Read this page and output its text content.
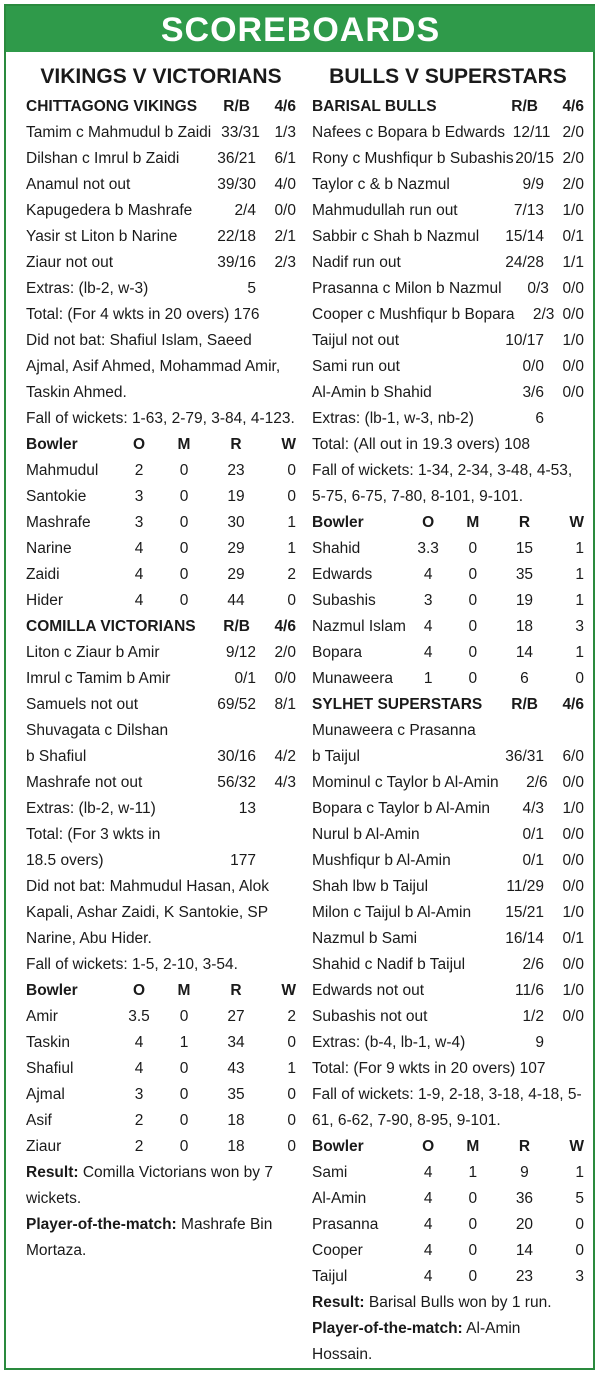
SCOREBOARDS
VIKINGS V VICTORIANS
CHITTAGONG VIKINGS	R/B	4/6
Tamim c Mahmudul b Zaidi 33/31 1/3
Dilshan c Imrul b Zaidi	36/21	6/1
Anamul not out	39/30	4/0
Kapugedera b Mashrafe	2/4	0/0
Yasir st Liton b Narine	22/18	2/1
Ziaur not out	39/16	2/3
Extras: (lb-2, w-3)	5
Total: (For 4 wkts in 20 overs) 176
Did not bat: Shafiul Islam, Saeed Ajmal, Asif Ahmed, Mohammad Amir, Taskin Ahmed.
Fall of wickets: 1-63, 2-79, 3-84, 4-123.
Bowler	O	M	R	W
Mahmudul	2	0	23	0
Santokie	3	0	19	0
Mashrafe	3	0	30	1
Narine	4	0	29	1
Zaidi	4	0	29	2
Hider	4	0	44	0
COMILLA VICTORIANS	R/B	4/6
Liton c Ziaur b Amir	9/12	2/0
Imrul c Tamim b Amir	0/1	0/0
Samuels not out	69/52	8/1
Shuvagata c Dilshan
b Shafiul	30/16	4/2
Mashrafe not out	56/32	4/3
Extras: (lb-2, w-11)	13
Total: (For 3 wkts in
18.5 overs)	177
Did not bat: Mahmudul Hasan, Alok Kapali, Ashar Zaidi, K Santokie, SP Narine, Abu Hider.
Fall of wickets: 1-5, 2-10, 3-54.
Bowler	O	M	R	W
Amir	3.5	0	27	2
Taskin	4	1	34	0
Shafiul	4	0	43	1
Ajmal	3	0	35	0
Asif	2	0	18	0
Ziaur	2	0	18	0
Result: Comilla Victorians won by 7 wickets.
Player-of-the-match: Mashrafe Bin Mortaza.
BULLS V SUPERSTARS
BARISAL BULLS	R/B	4/6
Nafees c Bopara b Edwards 12/11 2/0
Rony c Mushfiqur b Subashis 20/15 2/0
Taylor c & b Nazmul	9/9	2/0
Mahmudullah run out	7/13	1/0
Sabbir c Shah b Nazmul	15/14	0/1
Nadif run out	24/28	1/1
Prasanna c Milon b Nazmul	0/3 0/0
Cooper c Mushfiqur b Bopara	2/3 0/0
Taijul not out	10/17	1/0
Sami run out	0/0	0/0
Al-Amin b Shahid	3/6	0/0
Extras: (lb-1, w-3, nb-2)	6
Total: (All out in 19.3 overs) 108
Fall of wickets: 1-34, 2-34, 3-48, 4-53, 5-75, 6-75, 7-80, 8-101, 9-101.
Bowler	O	M	R	W
Shahid	3.3	0	15	1
Edwards	4	0	35	1
Subashis	3	0	19	1
Nazmul Islam	4	0	18	3
Bopara	4	0	14	1
Munaweera	1	0	6	0
SYLHET SUPERSTARS	R/B	4/6
Munaweera c Prasanna
b Taijul	36/31	6/0
Mominul c Taylor b Al-Amin	2/6 0/0
Bopara c Taylor b Al-Amin	4/3	1/0
Nurul b Al-Amin	0/1	0/0
Mushfiqur b Al-Amin	0/1	0/0
Shah lbw b Taijul	11/29	0/0
Milon c Taijul b Al-Amin	15/21	1/0
Nazmul b Sami	16/14	0/1
Shahid c Nadif b Taijul	2/6	0/0
Edwards not out	11/6	1/0
Subashis not out	1/2	0/0
Extras: (b-4, lb-1, w-4)	9
Total: (For 9 wkts in 20 overs) 107
Fall of wickets: 1-9, 2-18, 3-18, 4-18, 5-61, 6-62, 7-90, 8-95, 9-101.
Bowler	O	M	R	W
Sami	4	1	9	1
Al-Amin	4	0	36	5
Prasanna	4	0	20	0
Cooper	4	0	14	0
Taijul	4	0	23	3
Result: Barisal Bulls won by 1 run.
Player-of-the-match: Al-Amin Hossain.
